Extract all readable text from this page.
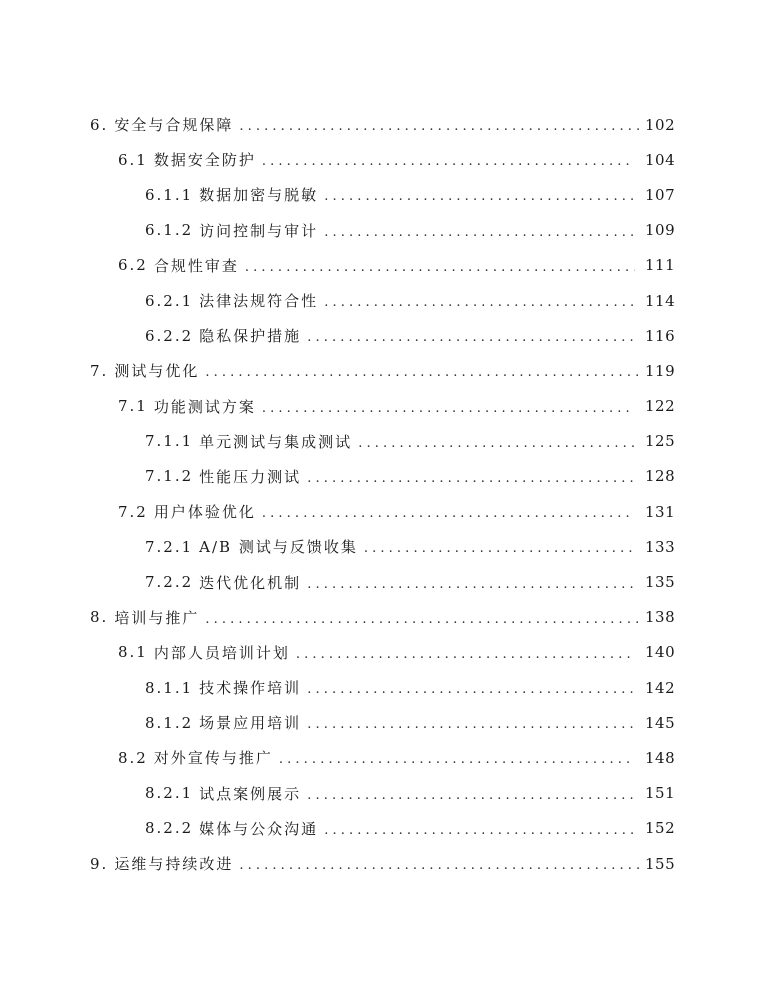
6. 安全与合规保障 . . .	102
6.1 数据安全防护 . . .	104
6.1.1 数据加密与脱敏 . . .	107
6.1.2 访问控制与审计 . . .	109
6.2 合规性审查 . . .	111
6.2.1 法律法规符合性 . . .	114
6.2.2 隐私保护措施 . . .	116
7. 测试与优化 . . .	119
7.1 功能测试方案 . . .	122
7.1.1 单元测试与集成测试 . . .	125
7.1.2 性能压力测试 . . .	128
7.2 用户体验优化 . . .	131
7.2.1 A/B 测试与反馈收集 . . .	133
7.2.2 迭代优化机制 . . .	135
8. 培训与推广 . . .	138
8.1 内部人员培训计划 . . .	140
8.1.1 技术操作培训 . . .	142
8.1.2 场景应用培训 . . .	145
8.2 对外宣传与推广 . . .	148
8.2.1 试点案例展示 . . .	151
8.2.2 媒体与公众沟通 . . .	152
9. 运维与持续改进 . . .	155
